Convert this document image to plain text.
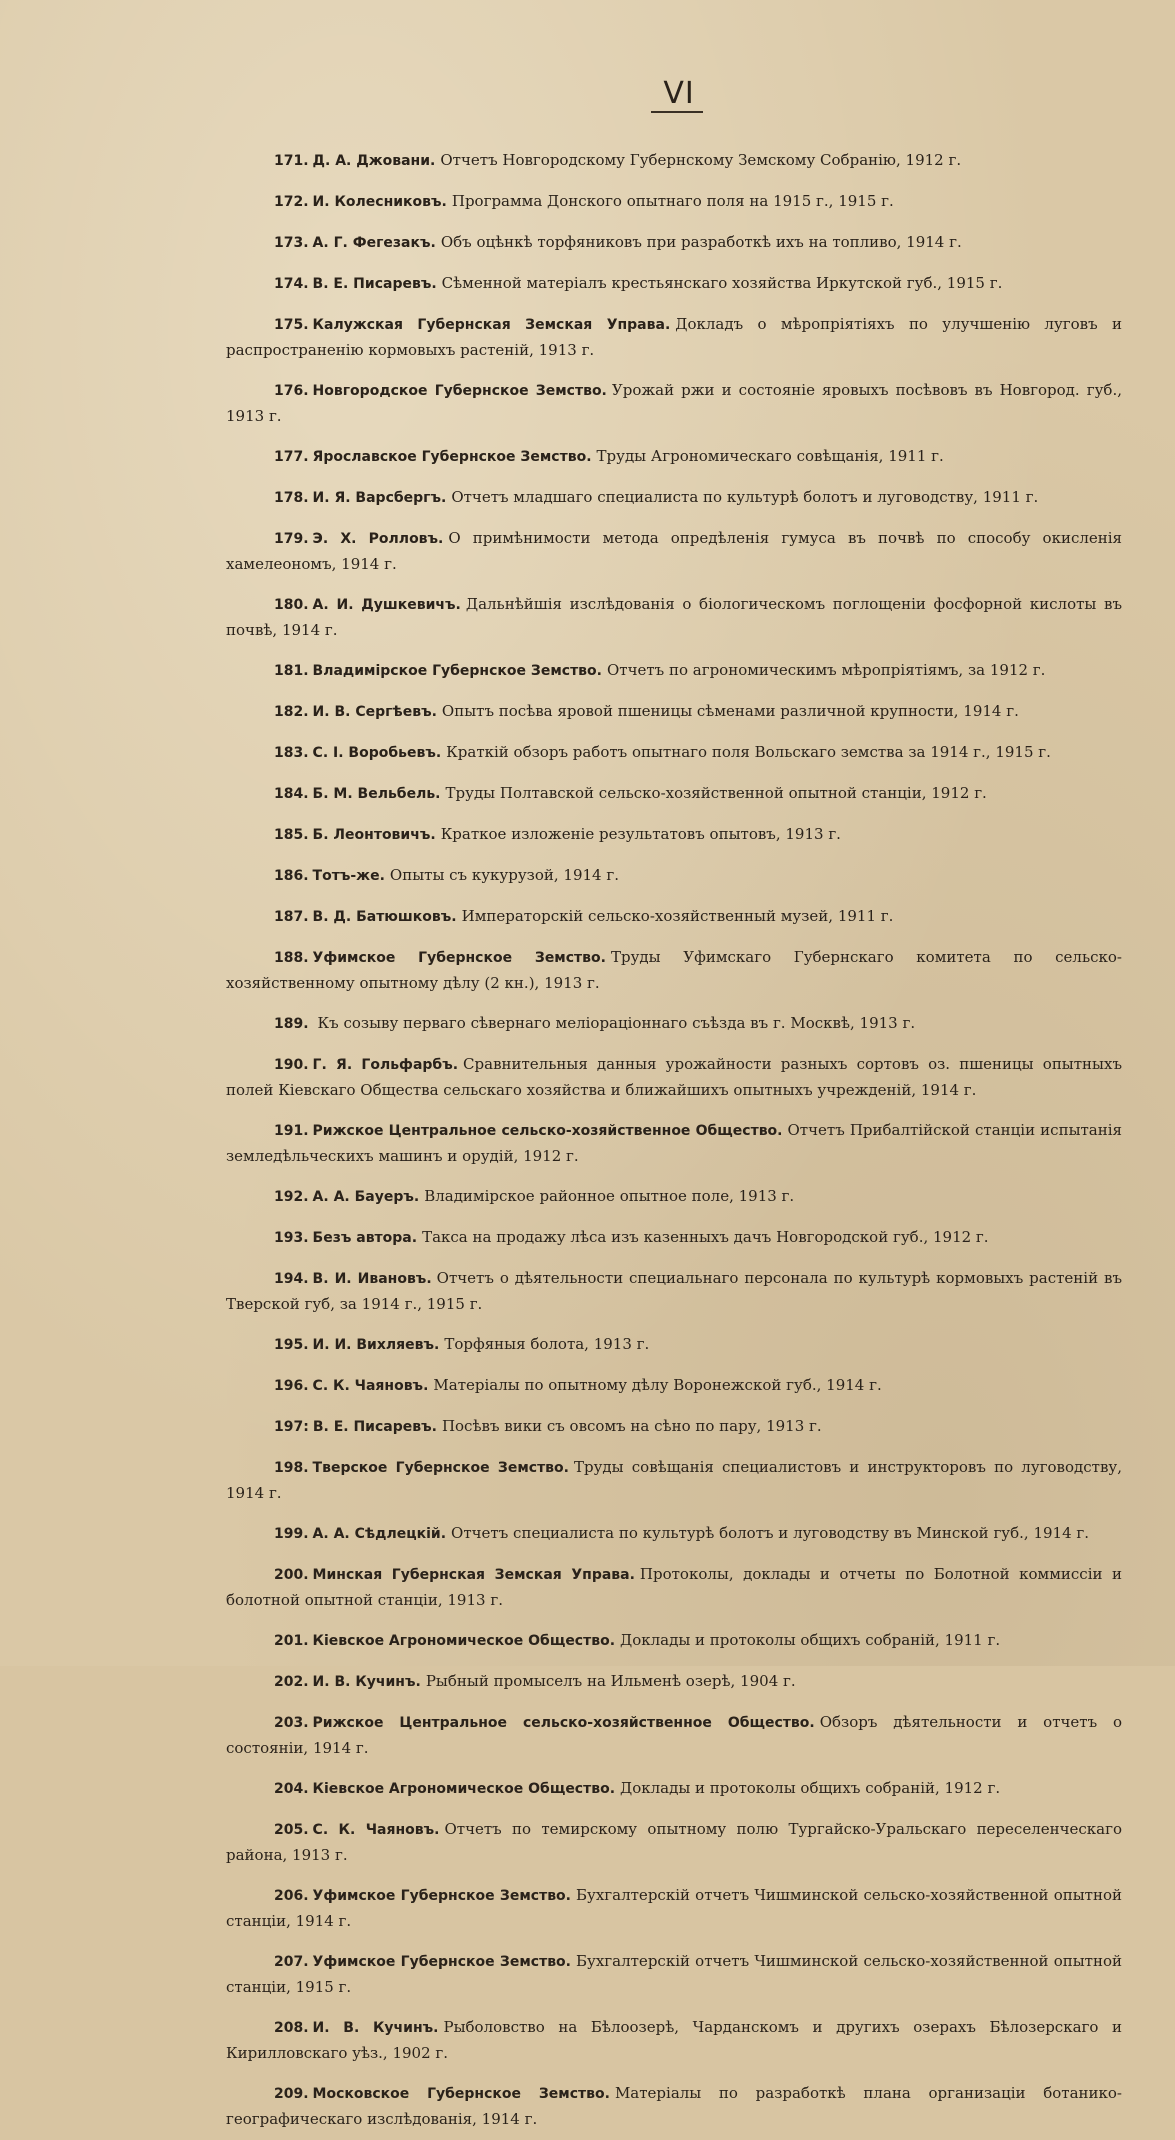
VI

171. Д. А. Джовани. Отчетъ Новгородскому Губернскому Земскому Собранію, 1912 г.

172. И. Колесниковъ. Программа Донского опытнаго поля на 1915 г., 1915 г.

173. А. Г. Фегезакъ. Объ оцѣнкѣ торфяниковъ при разработкѣ ихъ на топливо, 1914 г.

174. В. Е. Писаревъ. Сѣменной матеріалъ крестьянскаго хозяйства Иркутской губ., 1915 г.

175. Калужская Губернская Земская Управа. Докладъ о мѣропріятіяхъ по улучшенію луговъ и распространенію кормовыхъ растеній, 1913 г.

176. Новгородское Губернское Земство. Урожай ржи и состояніе яровыхъ посѣвовъ въ Новгород. губ., 1913 г.

177. Ярославское Губернское Земство. Труды Агрономическаго совѣщанія, 1911 г.

178. И. Я. Варсбергъ. Отчетъ младшаго специалиста по культурѣ болотъ и луговодству, 1911 г.

179. Э. Х. Ролловъ. О примѣнимости метода опредѣленія гумуса въ почвѣ по способу окисленія хамелеономъ, 1914 г.

180. А. И. Душкевичъ. Дальнѣйшія изслѣдованія о біологическомъ поглощеніи фосфорной кислоты въ почвѣ, 1914 г.

181. Владимірское Губернское Земство. Отчетъ по агрономическимъ мѣропріятіямъ, за 1912 г.

182. И. В. Сергѣевъ. Опытъ посѣва яровой пшеницы сѣменами различной крупности, 1914 г.

183. С. І. Воробьевъ. Краткій обзоръ работъ опытнаго поля Вольскаго земства за 1914 г., 1915 г.

184. Б. М. Вельбель. Труды Полтавской сельско-хозяйственной опытной станціи, 1912 г.

185. Б. Леонтовичъ. Краткое изложеніе результатовъ опытовъ, 1913 г.

186. Тотъ-же. Опыты съ кукурузой, 1914 г.

187. В. Д. Батюшковъ. Императорскій сельско-хозяйственный музей, 1911 г.

188. Уфимское Губернское Земство. Труды Уфимскаго Губернскаго комитета по сельско-хозяйственному опытному дѣлу (2 кн.), 1913 г.

189. Къ созыву перваго сѣвернаго меліораціоннаго съѣзда въ г. Москвѣ, 1913 г.

190. Г. Я. Гольфарбъ. Сравнительныя данныя урожайности разныхъ сортовъ оз. пшеницы опытныхъ полей Кіевскаго Общества сельскаго хозяйства и ближайшихъ опытныхъ учрежденій, 1914 г.

191. Рижское Центральное сельско-хозяйственное Общество. Отчетъ Прибалтійской станціи испытанія земледѣльческихъ машинъ и орудій, 1912 г.

192. А. А. Бауеръ. Владимірское районное опытное поле, 1913 г.

193. Безъ автора. Такса на продажу лѣса изъ казенныхъ дачъ Новгородской губ., 1912 г.

194. В. И. Ивановъ. Отчетъ о дѣятельности специальнаго персонала по культурѣ кормовыхъ растеній въ Тверской губ, за 1914 г., 1915 г.

195. И. И. Вихляевъ. Торфяныя болота, 1913 г.

196. С. К. Чаяновъ. Матеріалы по опытному дѣлу Воронежской губ., 1914 г.

197: В. Е. Писаревъ. Посѣвъ вики съ овсомъ на сѣно по пару, 1913 г.

198. Тверское Губернское Земство. Труды совѣщанія специалистовъ и инструкторовъ по луговодству, 1914 г.

199. А. А. Сѣдлецкій. Отчетъ специалиста по культурѣ болотъ и луговодству въ Минской губ., 1914 г.

200. Минская Губернская Земская Управа. Протоколы, доклады и отчеты по Болотной коммиссіи и болотной опытной станціи, 1913 г.

201. Кіевское Агрономическое Общество. Доклады и протоколы общихъ собраній, 1911 г.

202. И. В. Кучинъ. Рыбный промыселъ на Ильменѣ озерѣ, 1904 г.

203. Рижское Центральное сельско-хозяйственное Общество. Обзоръ дѣятельности и отчетъ о состояніи, 1914 г.

204. Кіевское Агрономическое Общество. Доклады и протоколы общихъ собраній, 1912 г.

205. С. К. Чаяновъ. Отчетъ по темирскому опытному полю Тургайско-Уральскаго переселенческаго района, 1913 г.

206. Уфимское Губернское Земство. Бухгалтерскій отчетъ Чишминской сельско-хозяйственной опытной станціи, 1914 г.

207. Уфимское Губернское Земство. Бухгалтерскій отчетъ Чишминской сельско-хозяйственной опытной станціи, 1915 г.

208. И. В. Кучинъ. Рыболовство на Бѣлоозерѣ, Чарданскомъ и другихъ озерахъ Бѣлозерскаго и Кирилловскаго уѣз., 1902 г.

209. Московское Губернское Земство. Матеріалы по разработкѣ плана организаціи ботанико-географическаго изслѣдованія, 1914 г.
